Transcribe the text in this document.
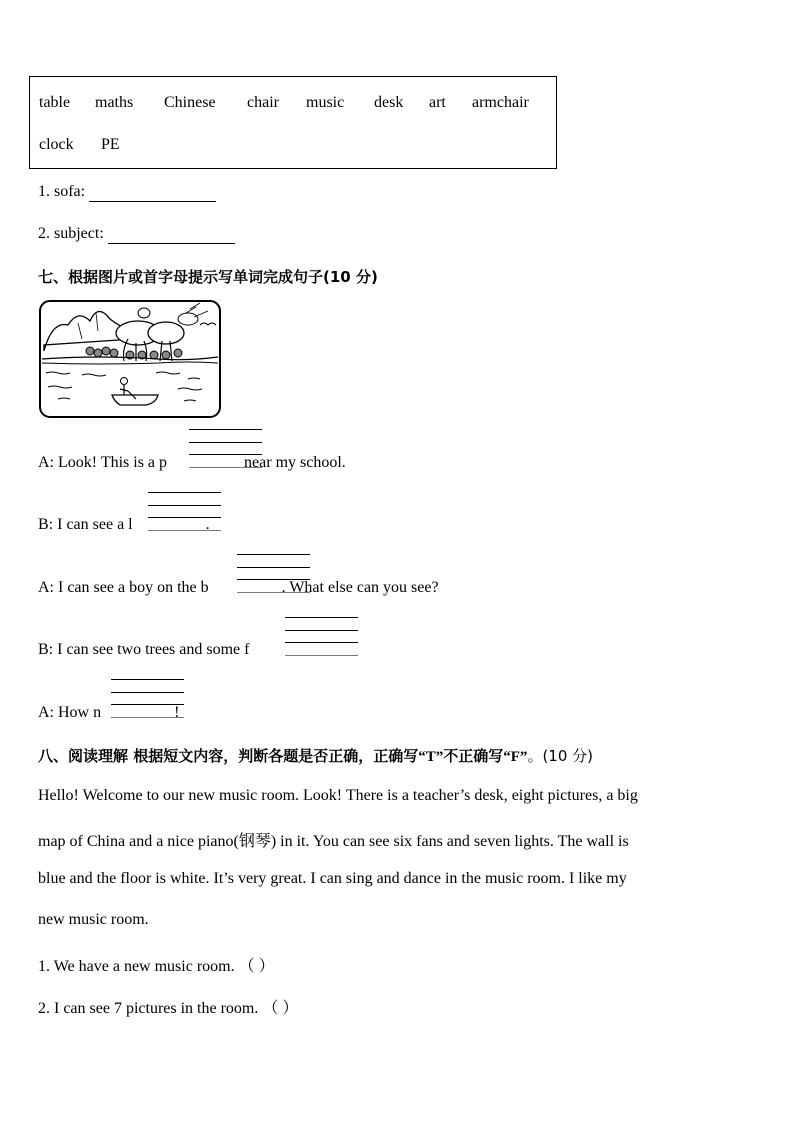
table maths Chinese chair music desk art armchair
clock PE
1. sofa:
2. subject:
七、根据图片或首字母提示写单词完成句子(10 分)
A: Look! This is a p	near my school.
B: I can see a l	.
A: I can see a boy on the b	. What else can you see?
B: I can see two trees and some f
A: How n	!
八、阅读理解 根据短文内容，判断各题是否正确，正确写“T”不正确写“F”。(10 分)
Hello! Welcome to our new music room. Look! There is a teacher’s desk, eight pictures, a big
map of China and a nice piano(钢琴) in it. You can see six fans and seven lights. The wall is
blue and the floor is white. It’s very great. I can sing and dance in the music room. I like my
new music room.
1. We have a new music room. （ ）
2. I can see 7 pictures in the room. （ ）
